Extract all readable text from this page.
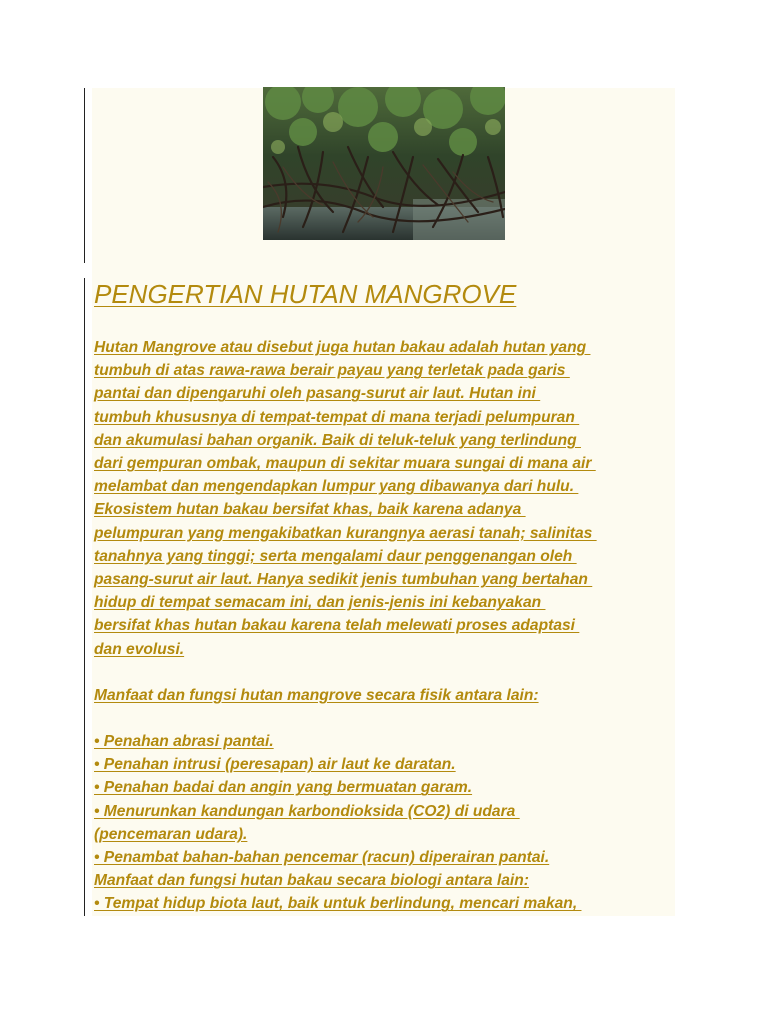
PENGERTIAN HUTAN MANGROVE
Hutan Mangrove atau disebut juga hutan bakau adalah hutan yang
tumbuh di atas rawa-rawa berair payau yang terletak pada garis
pantai dan dipengaruhi oleh pasang-surut air laut. Hutan ini
tumbuh khususnya di tempat-tempat di mana terjadi pelumpuran
dan akumulasi bahan organik. Baik di teluk-teluk yang terlindung
dari gempuran ombak, maupun di sekitar muara sungai di mana air
melambat dan mengendapkan lumpur yang dibawanya dari hulu.
Ekosistem hutan bakau bersifat khas, baik karena adanya
pelumpuran yang mengakibatkan kurangnya aerasi tanah; salinitas
tanahnya yang tinggi; serta mengalami daur penggenangan oleh
pasang-surut air laut. Hanya sedikit jenis tumbuhan yang bertahan
hidup di tempat semacam ini, dan jenis-jenis ini kebanyakan
bersifat khas hutan bakau karena telah melewati proses adaptasi
dan evolusi.
Manfaat dan fungsi hutan mangrove secara fisik antara lain:
• Penahan abrasi pantai.
• Penahan intrusi (peresapan) air laut ke daratan.
• Penahan badai dan angin yang bermuatan garam.
• Menurunkan kandungan karbondioksida (CO2) di udara
(pencemaran udara).
• Penambat bahan-bahan pencemar (racun) diperairan pantai.
Manfaat dan fungsi hutan bakau secara biologi antara lain:
• Tempat hidup biota laut, baik untuk berlindung, mencari makan,
